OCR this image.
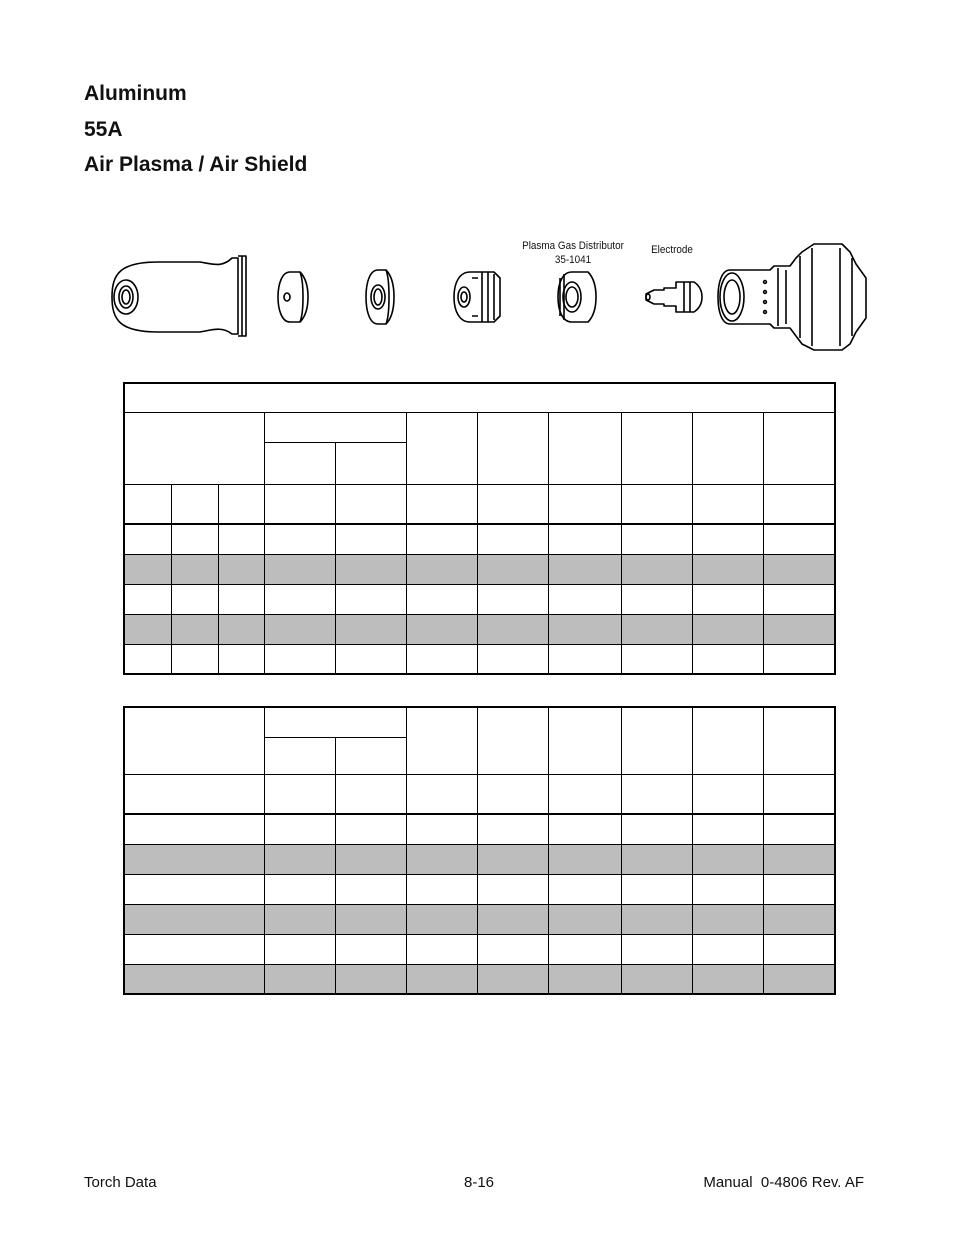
Aluminum
55A
Air Plasma / Air Shield
Plasma Gas Distributor
35-1041
Electrode

Torch Data	8-16	Manual  0-4806 Rev. AF
